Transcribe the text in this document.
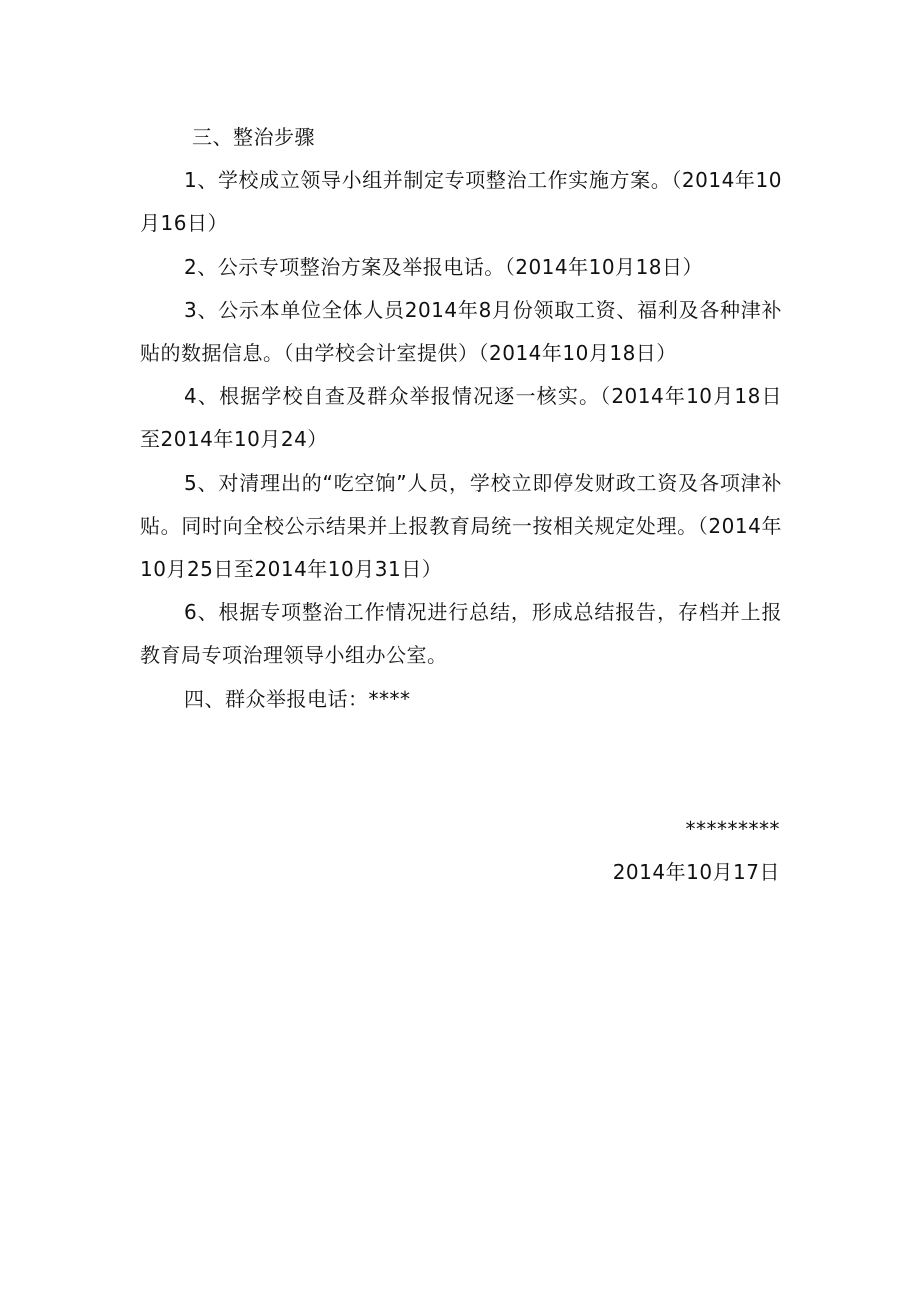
三、整治步骤

1、学校成立领导小组并制定专项整治工作实施方案。（2014年10月16日）

2、公示专项整治方案及举报电话。（2014年10月18日）

3、公示本单位全体人员2014年8月份领取工资、福利及各种津补贴的数据信息。（由学校会计室提供）（2014年10月18日）

4、根据学校自查及群众举报情况逐一核实。（2014年10月18日至2014年10月24）

5、对清理出的“吃空饷”人员，学校立即停发财政工资及各项津补贴。同时向全校公示结果并上报教育局统一按相关规定处理。（2014年10月25日至2014年10月31日）

6、根据专项整治工作情况进行总结，形成总结报告，存档并上报教育局专项治理领导小组办公室。

四、群众举报电话：****

*********
2014年10月17日
